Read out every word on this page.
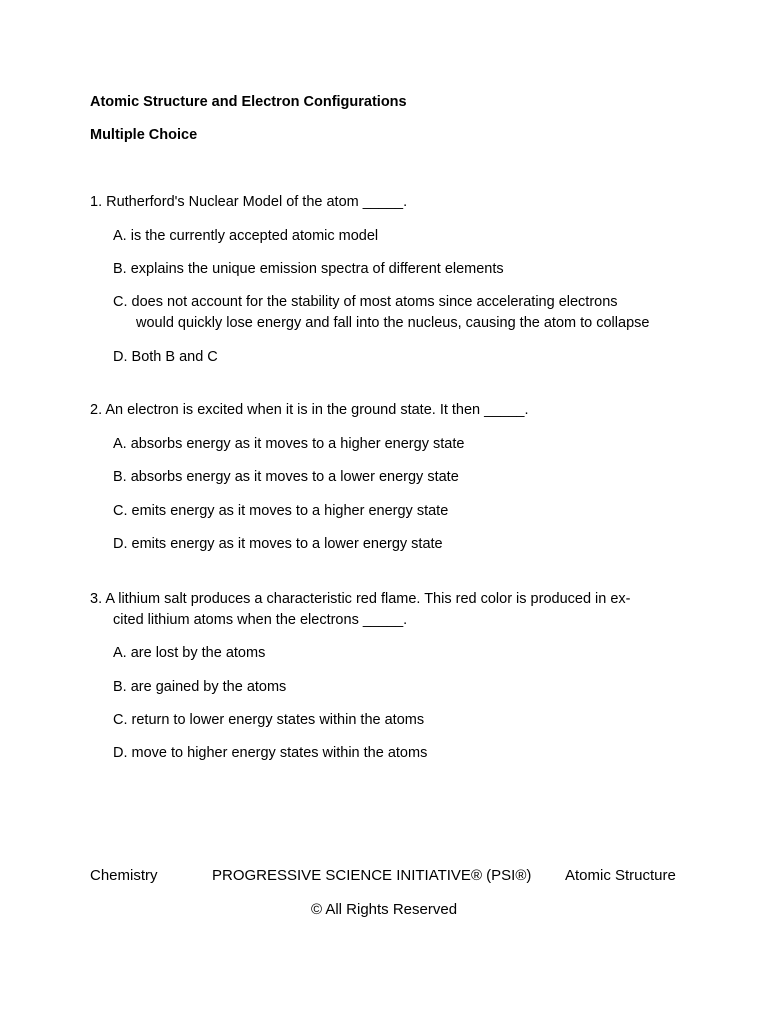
Atomic Structure and Electron Configurations
Multiple Choice
1. Rutherford's Nuclear Model of the atom _____.
A. is the currently accepted atomic model
B. explains the unique emission spectra of different elements
C. does not account for the stability of most atoms since accelerating electrons
would quickly lose energy and fall into the nucleus, causing the atom to collapse
D. Both B and C
2. An electron is excited when it is in the ground state. It then _____.
A. absorbs energy as it moves to a higher energy state
B. absorbs energy as it moves to a lower energy state
C. emits energy as it moves to a higher energy state
D. emits energy as it moves to a lower energy state
3. A lithium salt produces a characteristic red flame. This red color is produced in ex-
cited lithium atoms when the electrons _____.
A. are lost by the atoms
B. are gained by the atoms
C. return to lower energy states within the atoms
D. move to higher energy states within the atoms
Chemistry	PROGRESSIVE SCIENCE INITIATIVE® (PSI®) Atomic Structure
© All Rights Reserved
